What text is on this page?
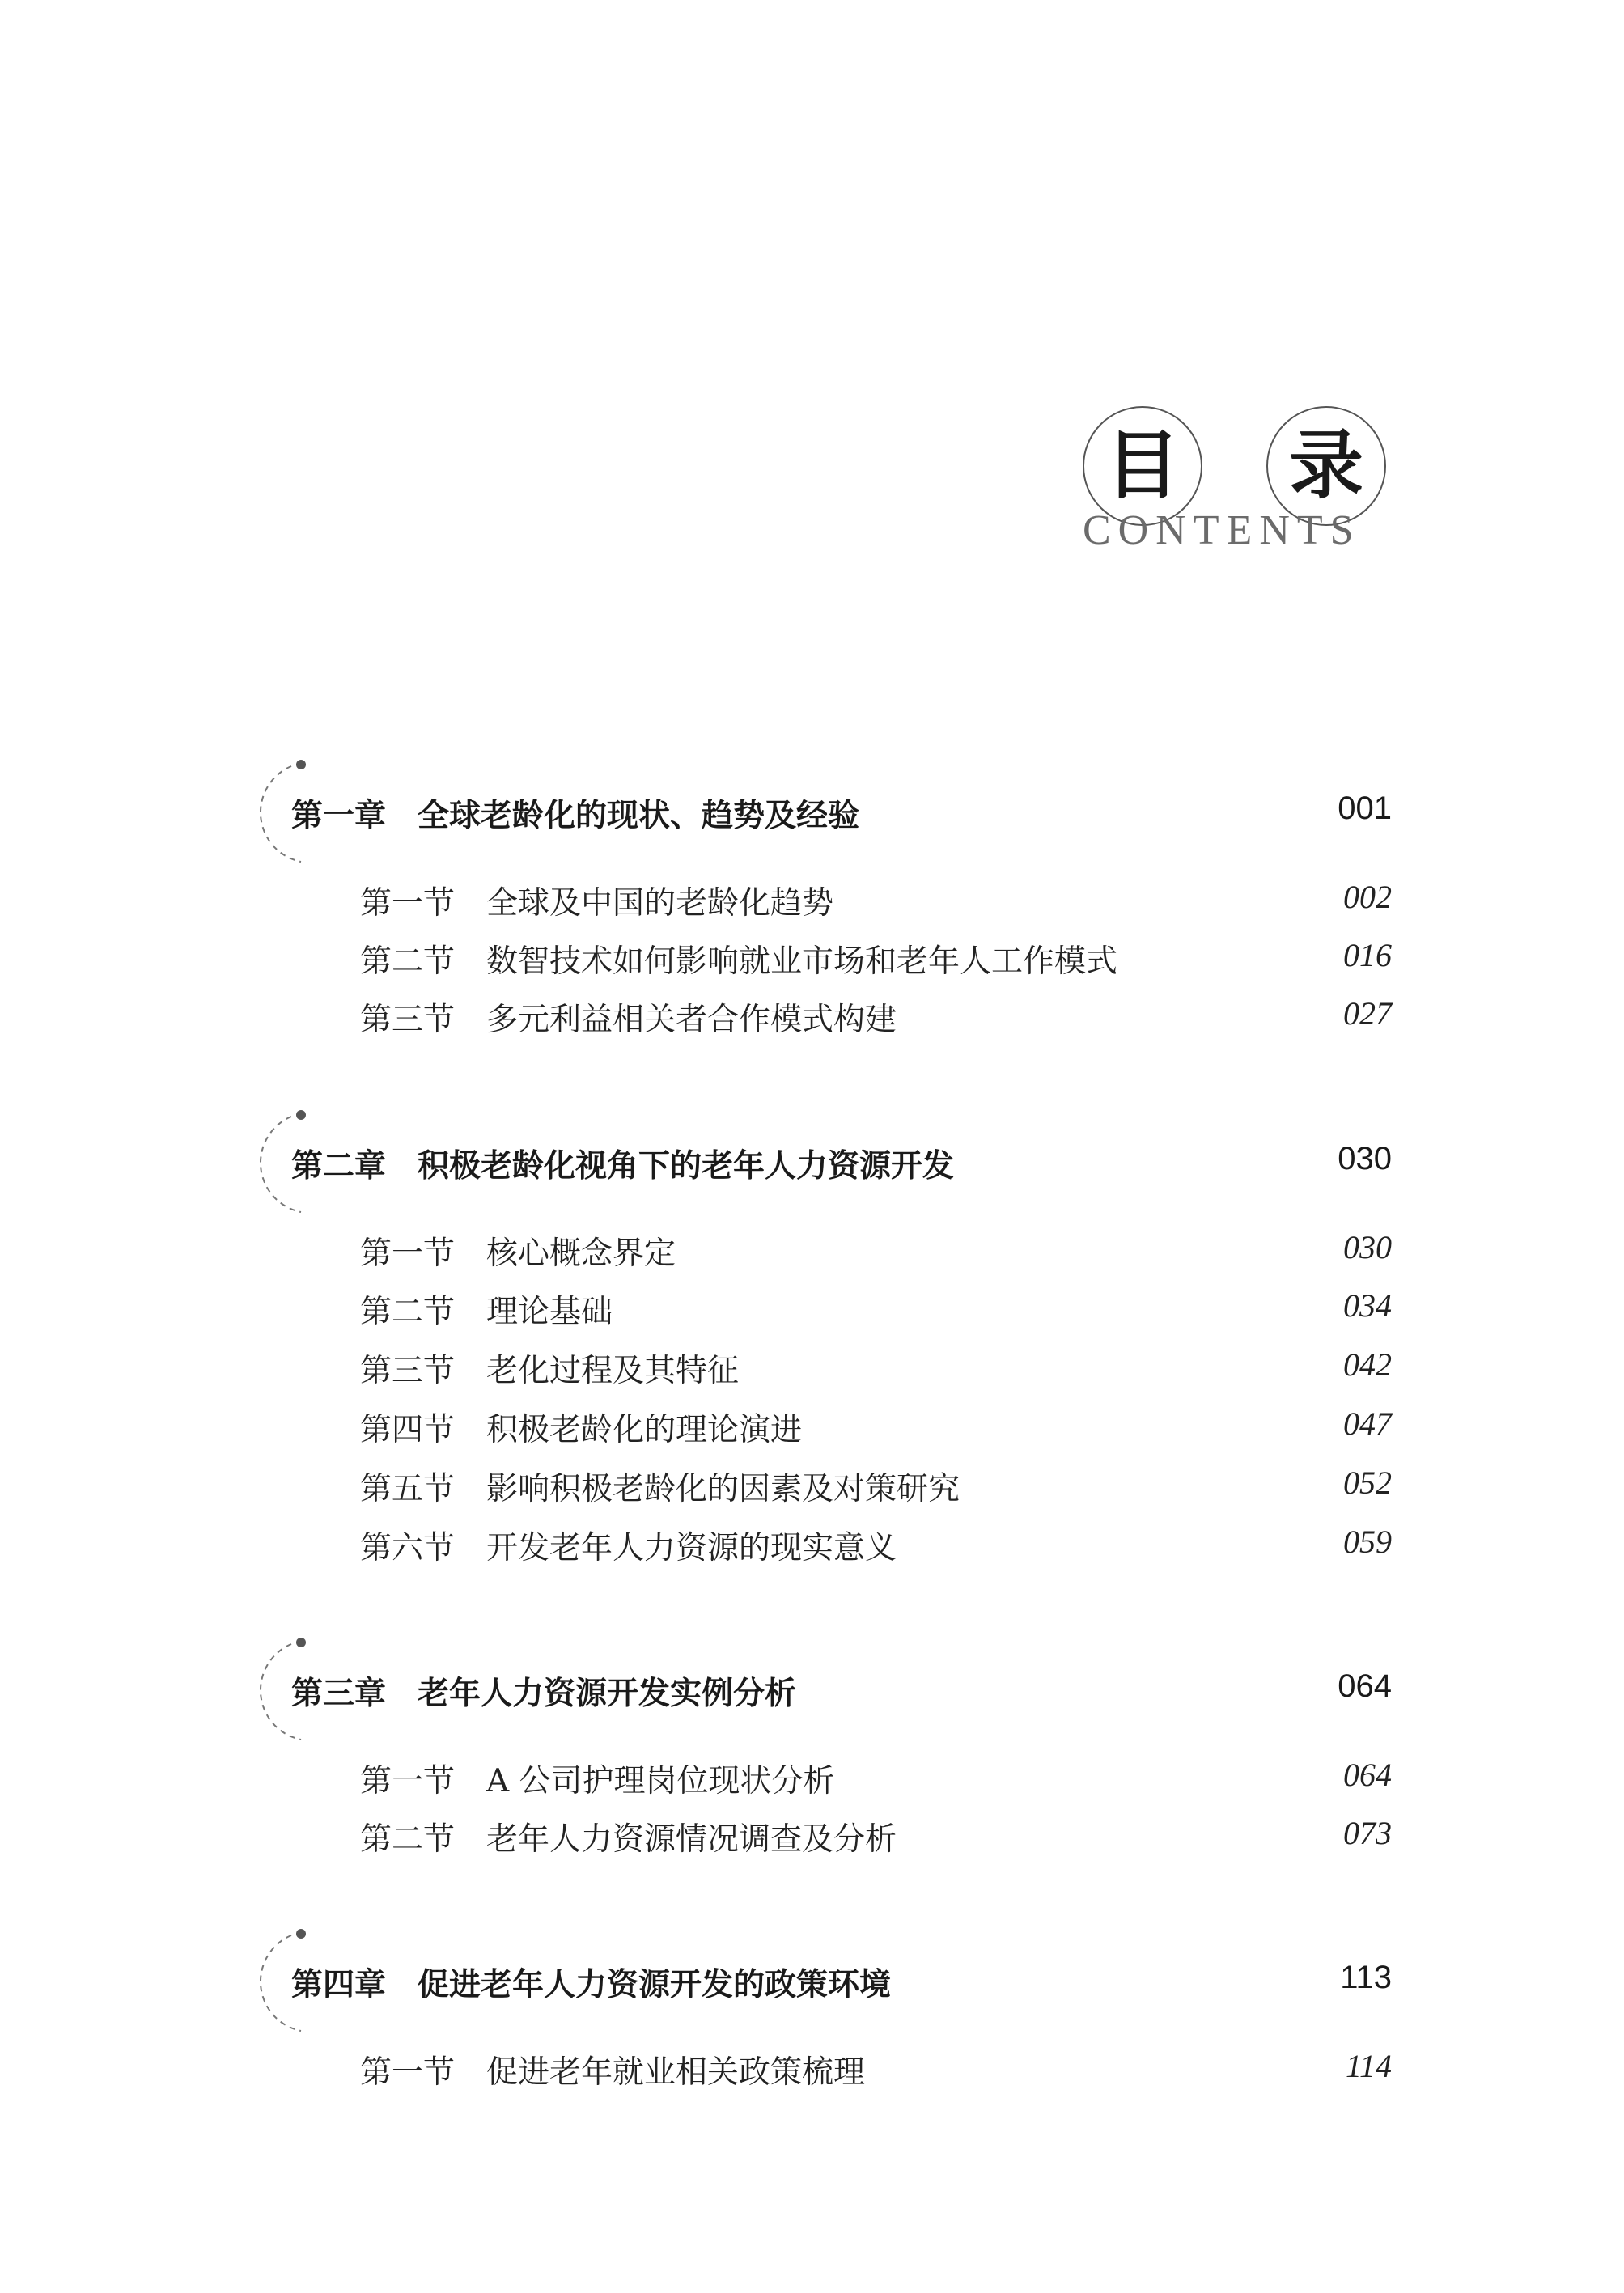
目	录
CONTENTS
第一章　全球老龄化的现状、趋势及经验	001
第一节　全球及中国的老龄化趋势	002
第二节　数智技术如何影响就业市场和老年人工作模式	016
第三节　多元利益相关者合作模式构建	027
第二章　积极老龄化视角下的老年人力资源开发	030
第一节　核心概念界定	030
第二节　理论基础	034
第三节　老化过程及其特征	042
第四节　积极老龄化的理论演进	047
第五节　影响积极老龄化的因素及对策研究	052
第六节　开发老年人力资源的现实意义	059
第三章　老年人力资源开发实例分析	064
第一节　A 公司护理岗位现状分析	064
第二节　老年人力资源情况调查及分析	073
第四章　促进老年人力资源开发的政策环境	113
第一节　促进老年就业相关政策梳理	114
